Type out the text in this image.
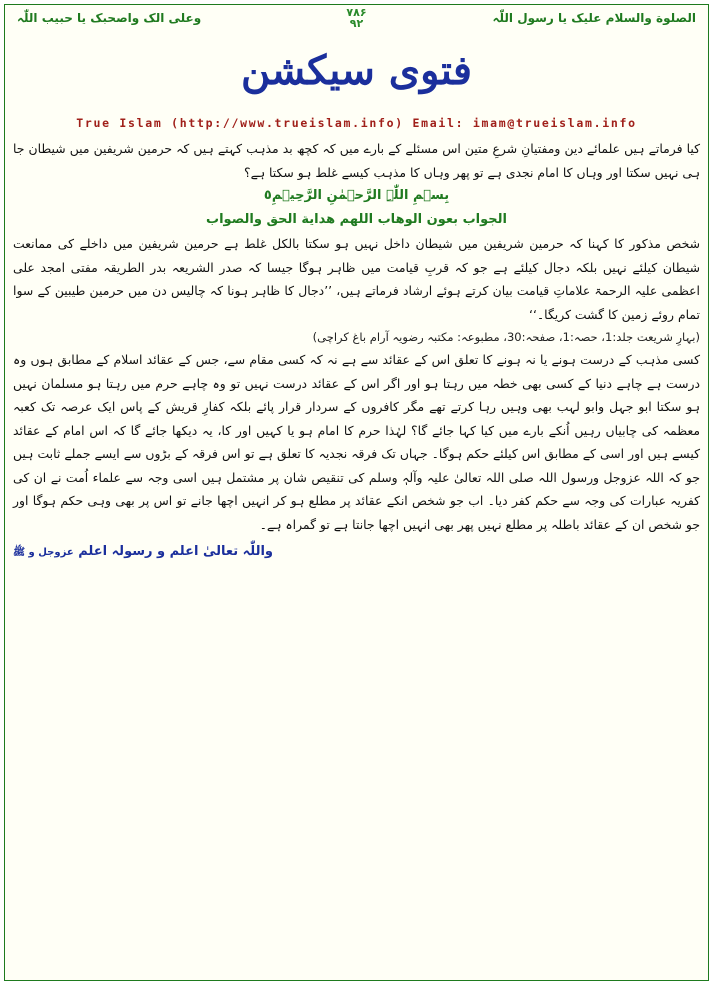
الصلوة والسلام علیک یا رسول اللّٰہ
۷۸۶
۹۲
وعلی الک واصحبک یا حبیب اللّٰہ
فتوی سیکشن
True Islam (http://www.trueislam.info) Email: imam@trueislam.info

کیا فرماتے ہیں علمائے دین ومفتیانِ شرعِ متین اس مسئلے کے بارے میں کہ کچھ بد مذہب کہتے ہیں کہ حرمین شریفین میں شیطان جا ہی نہیں سکتا اور وہاں کا امام نجدی ہے تو پھر وہاں کا مذہب کیسے غلط ہو سکتا ہے؟

بِسۡمِ اللّٰہِ الرَّحۡمٰنِ الرَّحِیۡمِ٥

الجواب بعون الوهاب اللهم هداية الحق والصواب

شخص مذکور کا کہنا کہ حرمین شریفین میں شیطان داخل نہیں ہو سکتا بالکل غلط ہے حرمین شریفین میں داخلے کی ممانعت شیطان کیلئے نہیں بلکہ دجال کیلئے ہے جو کہ قربِ قیامت میں ظاہر ہوگا جیسا کہ صدر الشریعہ بدر الطریقہ مفتی امجد علی اعظمی علیہ الرحمۃ علاماتِ قیامت بیان کرتے ہوئے ارشاد فرماتے ہیں، ’’دجال کا ظاہر ہونا کہ چالیس دن میں حرمین طیبین کے سوا تمام روئے زمین کا گشت کریگا۔‘‘

(بہارِ شریعت جلد:1، حصہ:1، صفحہ:30، مطبوعہ: مکتبہ رضویہ آرام باغ کراچی)

کسی مذہب کے درست ہونے یا نہ ہونے کا تعلق اس کے عقائد سے ہے نہ کہ کسی مقام سے، جس کے عقائد اسلام کے مطابق ہوں وہ درست ہے چاہے دنیا کے کسی بھی خطہ میں رہتا ہو اور اگر اس کے عقائد درست نہیں تو وہ چاہے حرم میں رہتا ہو مسلمان نہیں ہو سکتا ابو جہل وابو لہب بھی وہیں رہا کرتے تھے مگر کافروں کے سردار قرار پائے بلکہ کفارِ قریش کے پاس ایک عرصہ تک کعبہ معظمہ کی چابیاں رہیں اُنکے بارے میں کیا کہا جائے گا؟ لہٰذا حرم کا امام ہو یا کہیں اور کا، یہ دیکھا جائے گا کہ اس امام کے عقائد کیسے ہیں اور اسی کے مطابق اس کیلئے حکم ہوگا۔ جہاں تک فرقہ نجدیہ کا تعلق ہے تو اس فرقہ کے بڑوں سے ایسے جملے ثابت ہیں جو کہ اللہ عزوجل ورسول اللہ صلی اللہ تعالیٰ علیہ وآلہٖ وسلم کی تنقیص شان پر مشتمل ہیں اسی وجہ سے علماء اُمت نے ان کی کفریہ عبارات کی وجہ سے حکم کفر دیا۔ اب جو شخص انکے عقائد پر مطلع ہو کر انہیں اچھا جانے تو اس پر بھی وہی حکم ہوگا اور جو شخص ان کے عقائد باطلہ پر مطلع نہیں پھر بھی انہیں اچھا جانتا ہے تو گمراہ ہے۔

واللّٰہ تعالیٰ اعلم و رسولہ اعلم عزوجل و ﷺ
